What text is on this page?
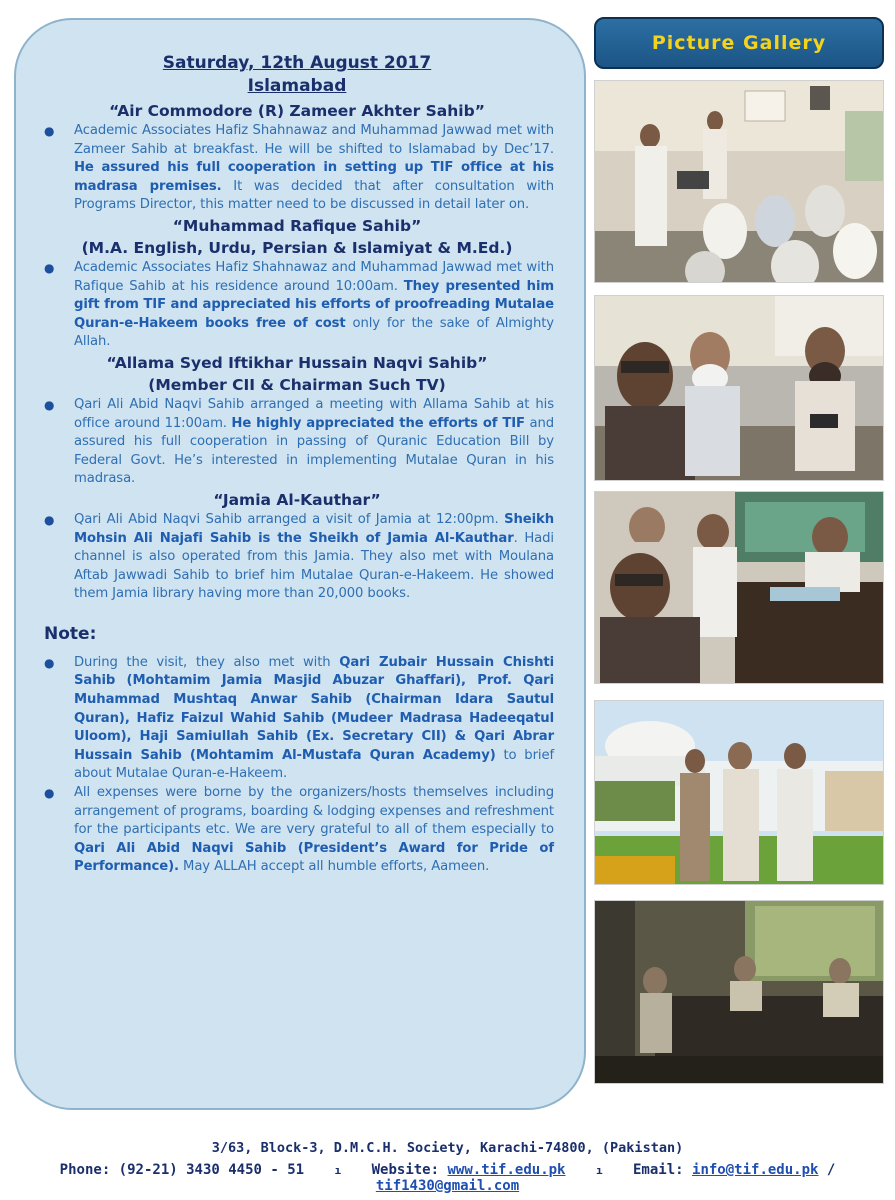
Saturday, 12th August 2017

Islamabad

“Air Commodore (R) Zameer Akhter Sahib”

●	Academic Associates Hafiz Shahnawaz and Muhammad Jawwad met with Zameer Sahib at breakfast. He will be shifted to Islamabad by Dec’17. He assured his full cooperation in setting up TIF office at his madrasa premises. It was decided that after consultation with Programs Director, this matter need to be discussed in detail later on.

“Muhammad Rafique Sahib”

(M.A. English, Urdu, Persian & Islamiyat & M.Ed.)

●	Academic Associates Hafiz Shahnawaz and Muhammad Jawwad met with Rafique Sahib at his residence around 10:00am. They presented him gift from TIF and appreciated his efforts of proofreading Mutalae Quran-e-Hakeem books free of cost only for the sake of Almighty Allah.

“Allama Syed Iftikhar Hussain Naqvi Sahib”

(Member CII & Chairman Such TV)

●	Qari Ali Abid Naqvi Sahib arranged a meeting with Allama Sahib at his office around 11:00am. He highly appreciated the efforts of TIF and assured his full cooperation in passing of Quranic Education Bill by Federal Govt. He’s interested in implementing Mutalae Quran in his madrasa.

“Jamia Al-Kauthar”

●	Qari Ali Abid Naqvi Sahib arranged a visit of Jamia at 12:00pm. Sheikh Mohsin Ali Najafi Sahib is the Sheikh of Jamia Al-Kauthar. Hadi channel is also operated from this Jamia. They also met with Moulana Aftab Jawwadi Sahib to brief him Mutalae Quran-e-Hakeem. He showed them Jamia library having more than 20,000 books.
Note:
●	During the visit, they also met with Qari Zubair Hussain Chishti Sahib (Mohtamim Jamia Masjid Abuzar Ghaffari), Prof. Qari Muhammad Mushtaq Anwar Sahib (Chairman Idara Sautul Quran), Hafiz Faizul Wahid Sahib (Mudeer Madrasa Hadeeqatul Uloom), Haji Samiullah Sahib (Ex. Secretary CII) & Qari Abrar Hussain Sahib (Mohtamim Al-Mustafa Quran Academy) to brief about Mutalae Quran-e-Hakeem.
●	All expenses were borne by the organizers/hosts themselves including arrangement of programs, boarding & lodging expenses and refreshment for the participants etc. We are very grateful to all of them especially to Qari Ali Abid Naqvi Sahib (President’s Award for Pride of Performance). May ALLAH accept all humble efforts, Aameen.
Picture Gallery
3/63, Block-3, D.M.C.H. Society, Karachi-74800, (Pakistan)
Phone: (92-21) 3430 4450 - 51	ı Website: www.tif.edu.pk	ı Email: info@tif.edu.pk / tif1430@gmail.com
